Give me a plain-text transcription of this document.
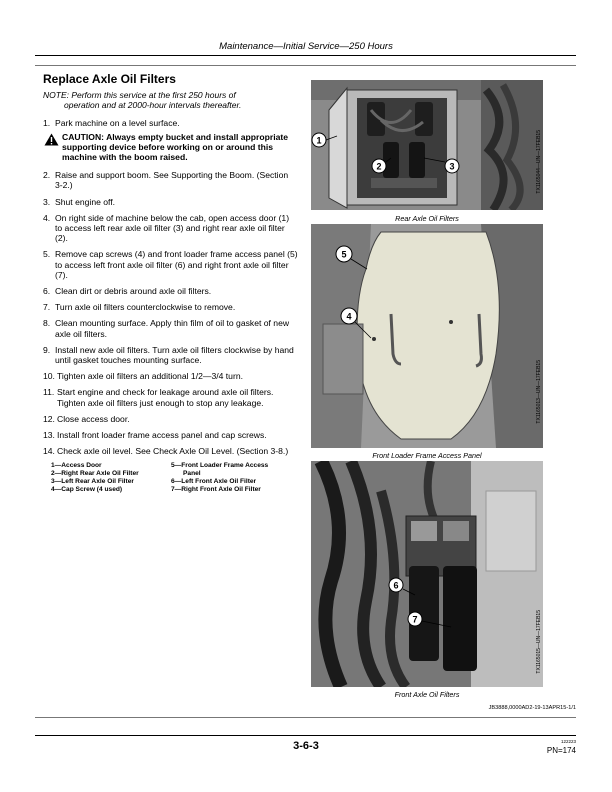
Maintenance—Initial Service—250 Hours
Replace Axle Oil Filters

NOTE: Perform this service at the first 250 hours of
operation and at 2000-hour intervals thereafter.

1. Park machine on a level surface.
CAUTION: Always empty bucket and install appropriate supporting device before working on or around this machine with the boom raised.
2. Raise and support boom. See Supporting the Boom. (Section 3-2.)
3. Shut engine off.
4. On right side of machine below the cab, open access door (1) to access left rear axle oil filter (3) and right rear axle oil filter (2).
5. Remove cap screws (4) and front loader frame access panel (5) to access left front axle oil filter (6) and right front axle oil filter (7).
6. Clean dirt or debris around axle oil filters.
7. Turn axle oil filters counterclockwise to remove.
8. Clean mounting surface. Apply thin film of oil to gasket of new axle oil filters.
9. Install new axle oil filters. Turn axle oil filters clockwise by hand until gasket touches mounting surface.
10. Tighten axle oil filters an additional 1/2—3/4 turn.
11. Start engine and check for leakage around axle oil filters. Tighten axle oil filters just enough to stop any leakage.
12. Close access door.
13. Install front loader frame access panel and cap screws.
14. Check axle oil level. See Check Axle Oil Level. (Section 3-8.)
1—Access Door
2—Right Rear Axle Oil Filter
3—Left Rear Axle Oil Filter
4—Cap Screw (4 used)
5—Front Loader Frame Access
Panel
6—Left Front Axle Oil Filter
7—Right Front Axle Oil Filter
1
2	3	TX1165044—UN—17FEB15
Rear Axle Oil Filters
5
4
TX1165013—UN—17FEB15
Front Loader Frame Access Panel
6
7	TX1165015—UN—17FEB15
Front Axle Oil Filters
JB3888,0000AD2-19-13APR15-1/1
3-6-3	122223
PN=174
